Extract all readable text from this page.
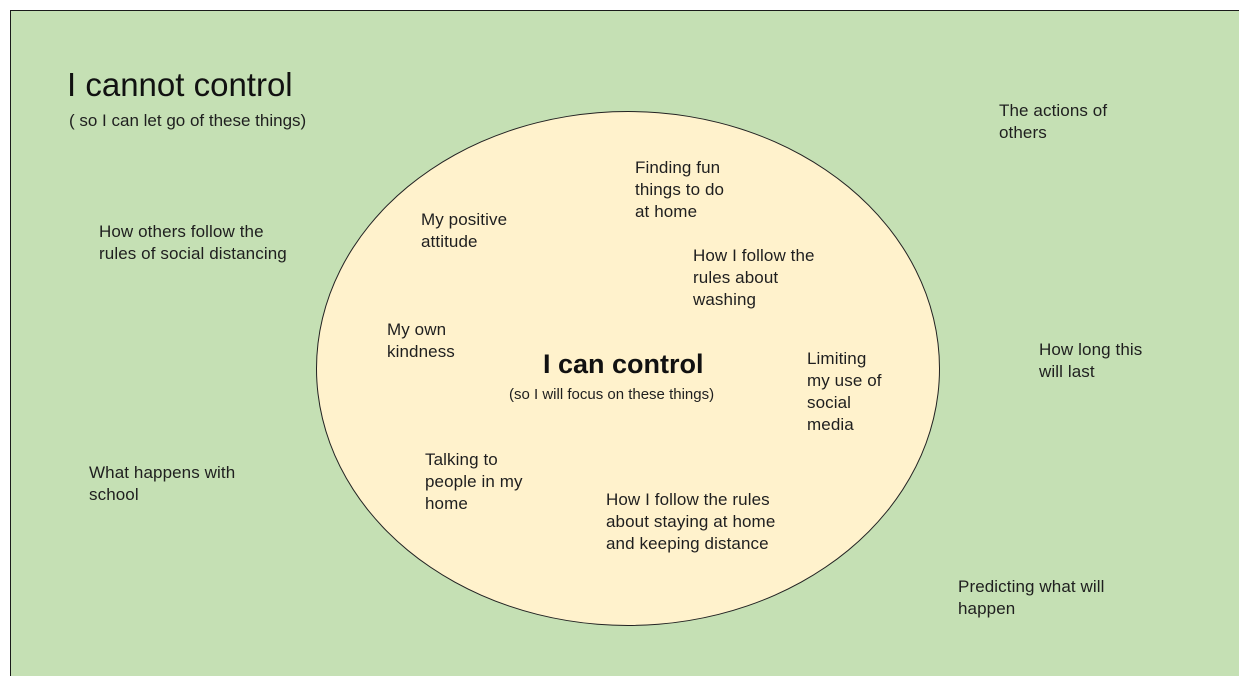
I cannot control
( so I can let go of these things)
The actions of
others
How others follow the
rules of social distancing
How long this
will last
What happens with
school
Predicting what will
happen
I can control
(so I will focus on these things)
Finding fun
things to do
at home
My positive
attitude
How I follow the
rules about
washing
My own
kindness	Limiting
my use of
social
media
Talking to
people in my
home	How I follow the rules
about staying at home
and keeping distance
